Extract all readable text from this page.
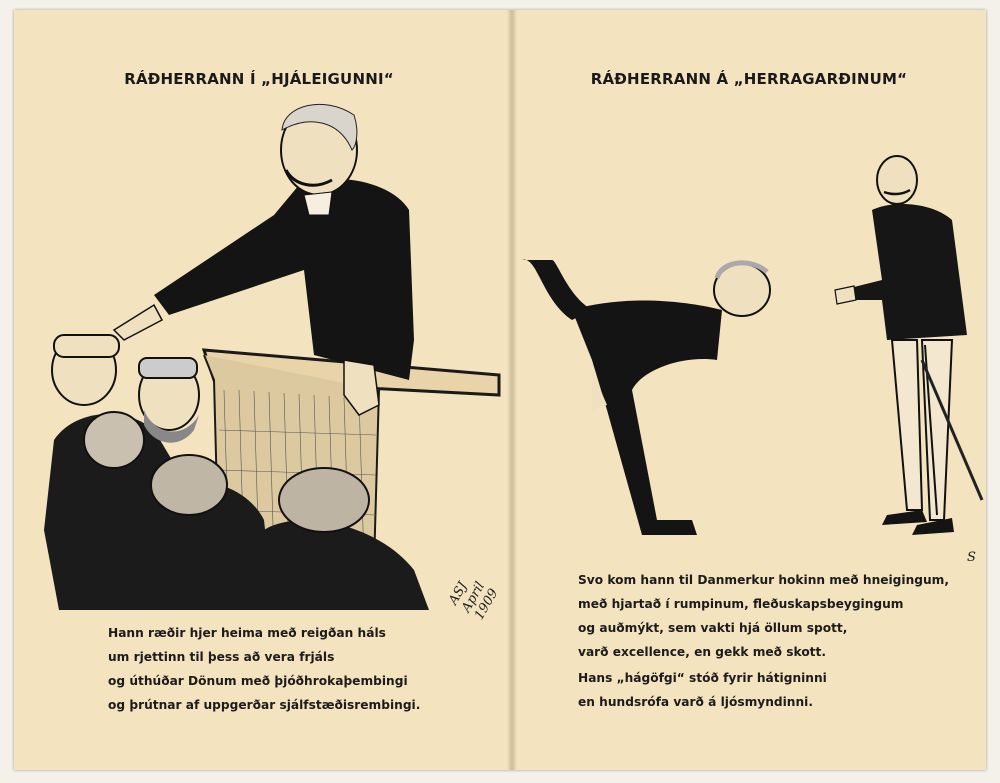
RÁÐHERRANN Í „HJÁLEIGUNNI“
ASJ April 1909
Hann ræðir hjer heima með reigðan háls
um rjettinn til þess að vera frjáls
og úthúðar Dönum með þjóðhrokaþembingi
og þrútnar af uppgerðar sjálfstæðisrembingi.
RÁÐHERRANN Á „HERRAGARÐINUM“
S
Svo kom hann til Danmerkur hokinn með hneigingum,
með hjartað í rumpinum, fleðuskapsbeygingum
og auðmýkt, sem vakti hjá öllum spott,
varð excellence, en gekk með skott.
Hans „hágöfgi“ stóð fyrir hátigninni
en hundsrófa varð á ljósmyndinni.
